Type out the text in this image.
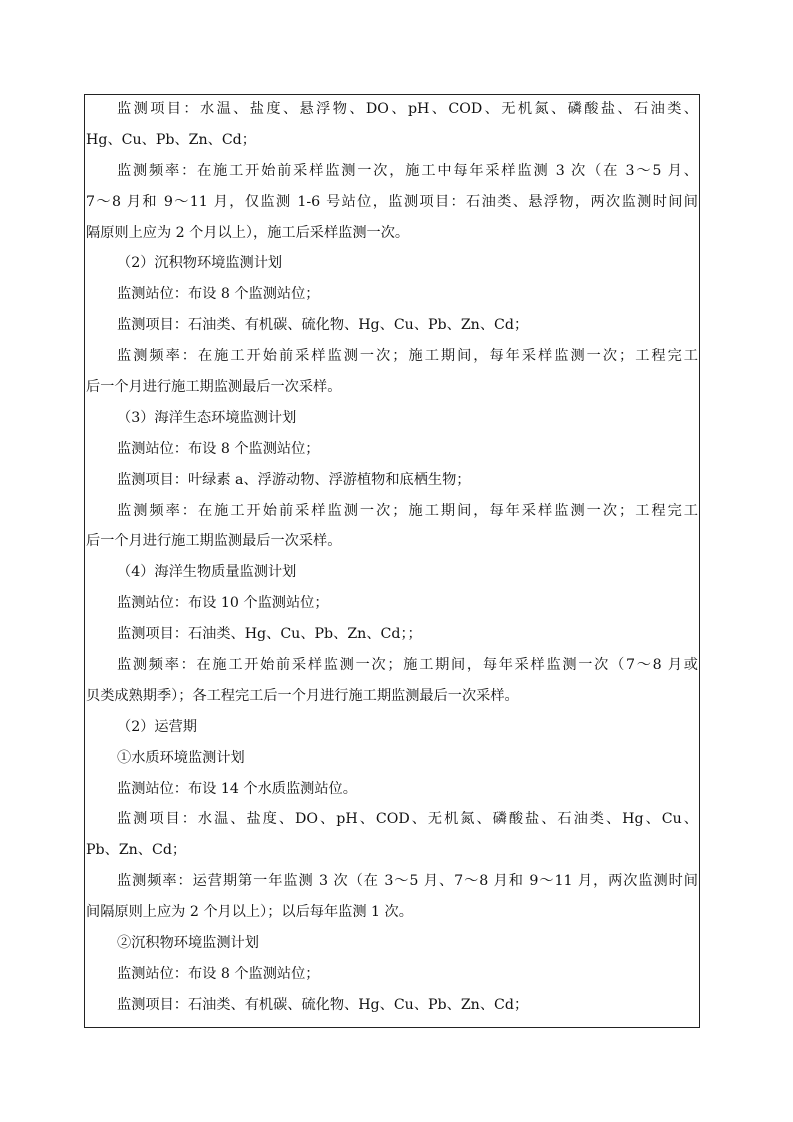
监测项目：水温、盐度、悬浮物、DO、pH、COD、无机氮、磷酸盐、石油类、
Hg、Cu、Pb、Zn、Cd；
监测频率：在施工开始前采样监测一次，施工中每年采样监测 3 次（在 3～5 月、
7～8 月和 9～11 月，仅监测 1-6 号站位，监测项目：石油类、悬浮物，两次监测时间间
隔原则上应为 2 个月以上），施工后采样监测一次。
（2）沉积物环境监测计划
监测站位：布设 8 个监测站位；
监测项目：石油类、有机碳、硫化物、Hg、Cu、Pb、Zn、Cd；
监测频率：在施工开始前采样监测一次；施工期间，每年采样监测一次；工程完工
后一个月进行施工期监测最后一次采样。
（3）海洋生态环境监测计划
监测站位：布设 8 个监测站位；
监测项目：叶绿素 a、浮游动物、浮游植物和底栖生物；
监测频率：在施工开始前采样监测一次；施工期间，每年采样监测一次；工程完工
后一个月进行施工期监测最后一次采样。
（4）海洋生物质量监测计划
监测站位：布设 10 个监测站位；
监测项目：石油类、Hg、Cu、Pb、Zn、Cd；；
监测频率：在施工开始前采样监测一次；施工期间，每年采样监测一次（7～8 月或
贝类成熟期季）；各工程完工后一个月进行施工期监测最后一次采样。
（2）运营期
①水质环境监测计划
监测站位：布设 14 个水质监测站位。
监测项目：水温、盐度、DO、pH、COD、无机氮、磷酸盐、石油类、Hg、Cu、
Pb、Zn、Cd；
监测频率：运营期第一年监测 3 次（在 3～5 月、7～8 月和 9～11 月，两次监测时间
间隔原则上应为 2 个月以上）；以后每年监测 1 次。
②沉积物环境监测计划
监测站位：布设 8 个监测站位；
监测项目：石油类、有机碳、硫化物、Hg、Cu、Pb、Zn、Cd；
